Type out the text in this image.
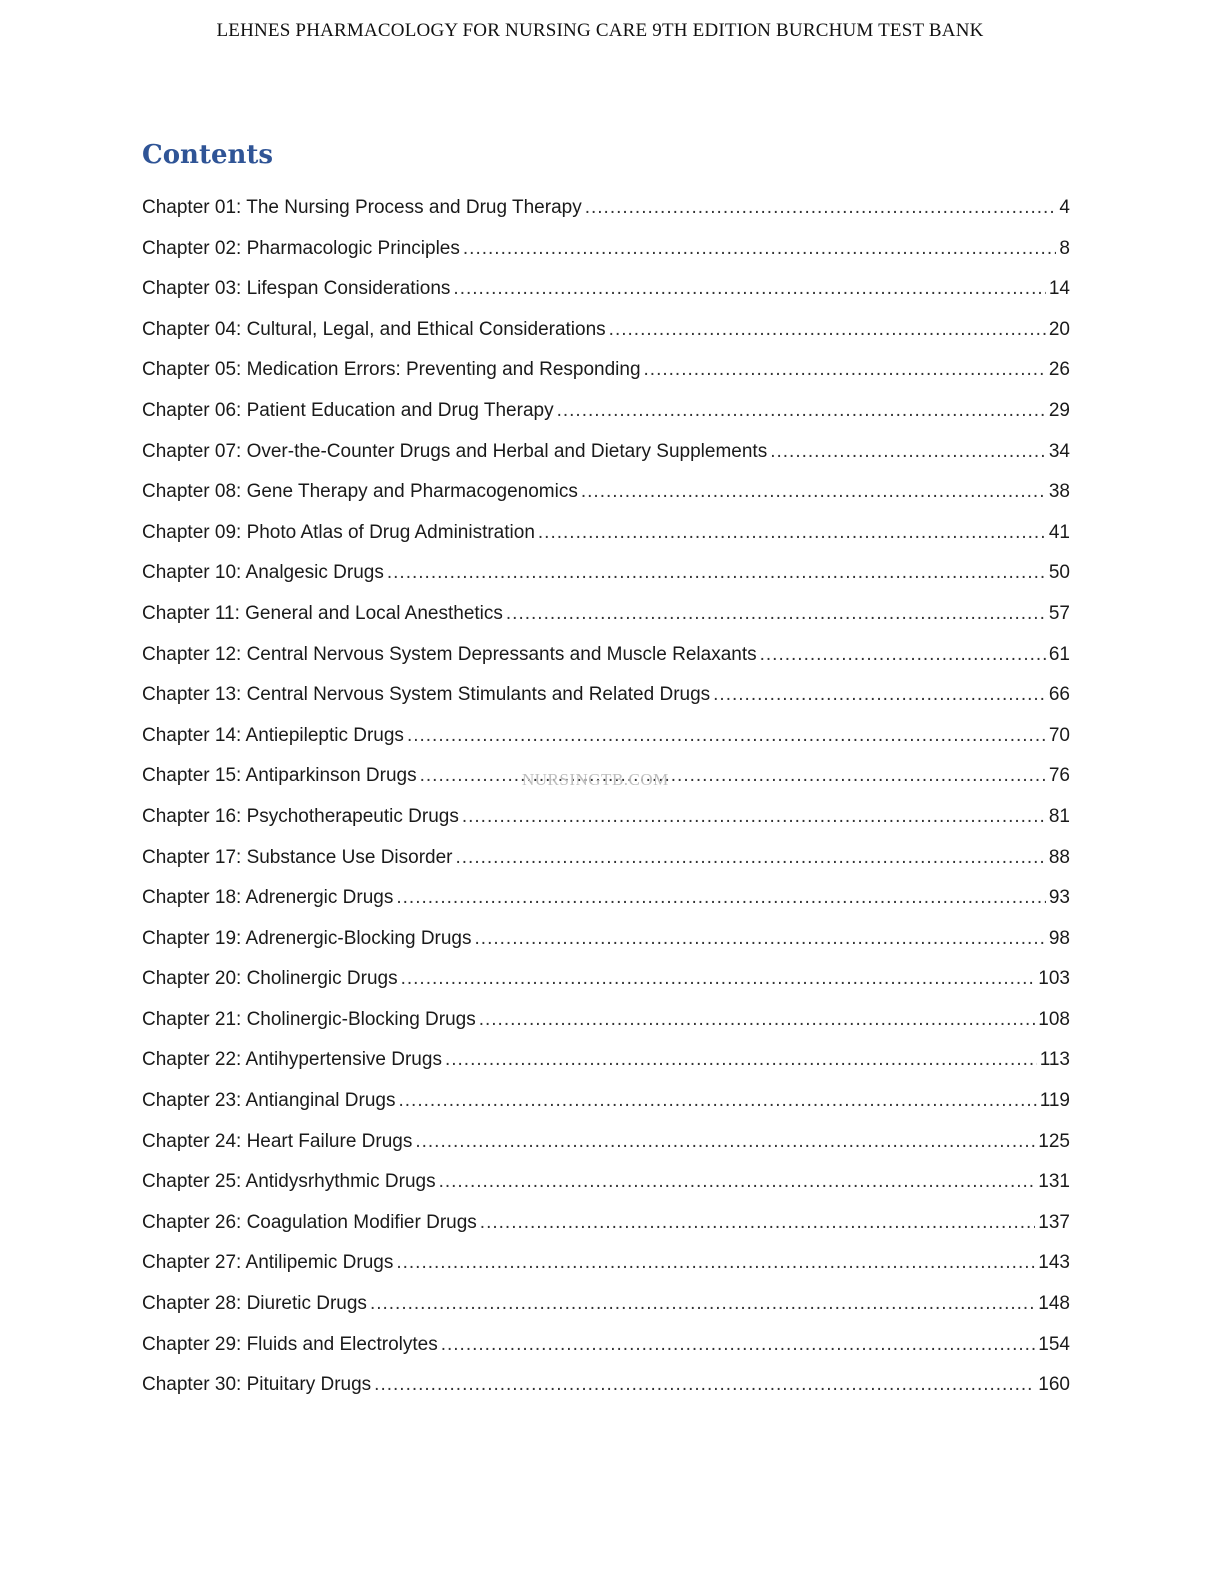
LEHNES PHARMACOLOGY FOR NURSING CARE 9TH EDITION BURCHUM TEST BANK
Contents
Chapter 01: The Nursing Process and Drug Therapy .....	4
Chapter 02: Pharmacologic Principles .....	8
Chapter 03: Lifespan Considerations .....	14
Chapter 04: Cultural, Legal, and Ethical Considerations .....	20
Chapter 05: Medication Errors: Preventing and Responding .....	26
Chapter 06: Patient Education and Drug Therapy .....	29
Chapter 07: Over-the-Counter Drugs and Herbal and Dietary Supplements .....	34
Chapter 08: Gene Therapy and Pharmacogenomics .....	38
Chapter 09: Photo Atlas of Drug Administration .....	41
Chapter 10: Analgesic Drugs .....	50
Chapter 11: General and Local Anesthetics .....	57
Chapter 12: Central Nervous System Depressants and Muscle Relaxants .....	61
Chapter 13: Central Nervous System Stimulants and Related Drugs .....	66
Chapter 14: Antiepileptic Drugs .....	70
Chapter 15: Antiparkinson Drugs .....	76
Chapter 16: Psychotherapeutic Drugs .....	81
Chapter 17: Substance Use Disorder .....	88
Chapter 18: Adrenergic Drugs .....	93
Chapter 19: Adrenergic-Blocking Drugs .....	98
Chapter 20: Cholinergic Drugs .....	103
Chapter 21: Cholinergic-Blocking Drugs .....	108
Chapter 22: Antihypertensive Drugs .....	113
Chapter 23: Antianginal Drugs .....	119
Chapter 24: Heart Failure Drugs .....	125
Chapter 25: Antidysrhythmic Drugs .....	131
Chapter 26: Coagulation Modifier Drugs .....	137
Chapter 27: Antilipemic Drugs .....	143
Chapter 28: Diuretic Drugs .....	148
Chapter 29: Fluids and Electrolytes .....	154
Chapter 30: Pituitary Drugs .....	160
NURSINGTB.COM
